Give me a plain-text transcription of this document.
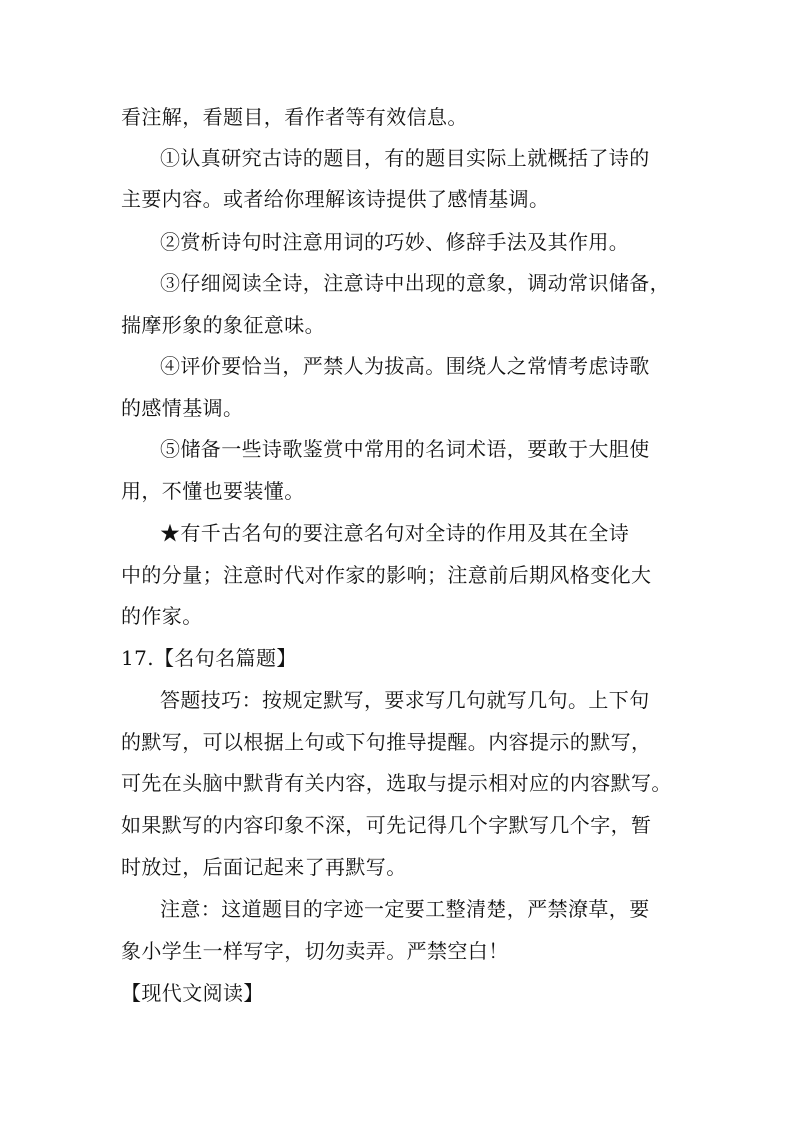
看注解，看题目，看作者等有效信息。
①认真研究古诗的题目，有的题目实际上就概括了诗的
主要内容。或者给你理解该诗提供了感情基调。
②赏析诗句时注意用词的巧妙、修辞手法及其作用。
③仔细阅读全诗，注意诗中出现的意象，调动常识储备，
揣摩形象的象征意味。
④评价要恰当，严禁人为拔高。围绕人之常情考虑诗歌
的感情基调。
⑤储备一些诗歌鉴赏中常用的名词术语，要敢于大胆使
用，不懂也要装懂。
★有千古名句的要注意名句对全诗的作用及其在全诗
中的分量；注意时代对作家的影响；注意前后期风格变化大
的作家。
17.【名句名篇题】
答题技巧：按规定默写，要求写几句就写几句。上下句
的默写，可以根据上句或下句推导提醒。内容提示的默写，
可先在头脑中默背有关内容，选取与提示相对应的内容默写。
如果默写的内容印象不深，可先记得几个字默写几个字，暂
时放过，后面记起来了再默写。
注意：这道题目的字迹一定要工整清楚，严禁潦草，要
象小学生一样写字，切勿卖弄。严禁空白！
【现代文阅读】
